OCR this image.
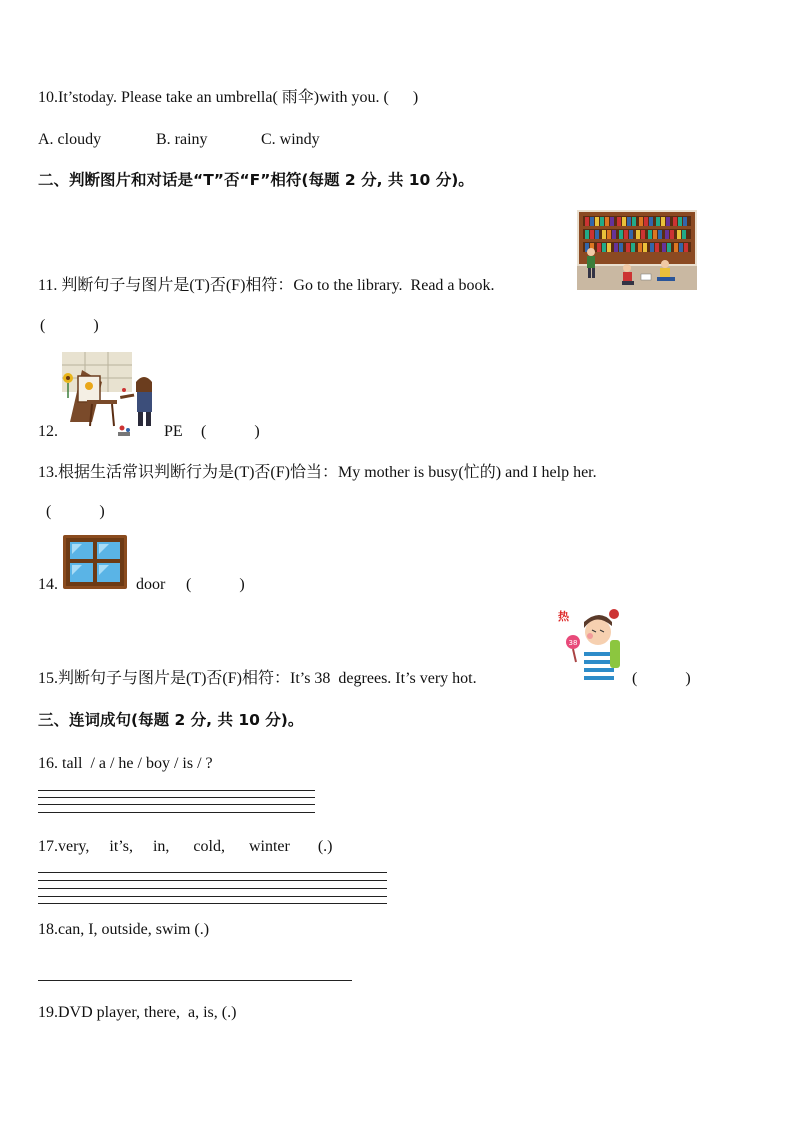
10.It’stoday. Please take an umbrella( 雨伞)with you. (      )
A. cloudy	B. rainy	C. windy
二、判断图片和对话是“T”否“F”相符(每题 2 分, 共 10 分)。
11. 判断句子与图片是(T)否(F)相符：Go to the library.  Read a book.
(            )
12.	PE (            )
13.根据生活常识判断行为是(T)否(F)恰当：My mother is busy(忙的) and I help her.
(            )
14.	door (            )
38
热
15.判断句子与图片是(T)否(F)相符：It’s 38  degrees. It’s very hot.	(            )
三、连词成句(每题 2 分, 共 10 分)。
16. tall  / a / he / boy / is / ?
17.very,     it’s,     in,      cold,      winter       (.)
18.can, I, outside, swim (.)
19.DVD player, there,  a, is, (.)
